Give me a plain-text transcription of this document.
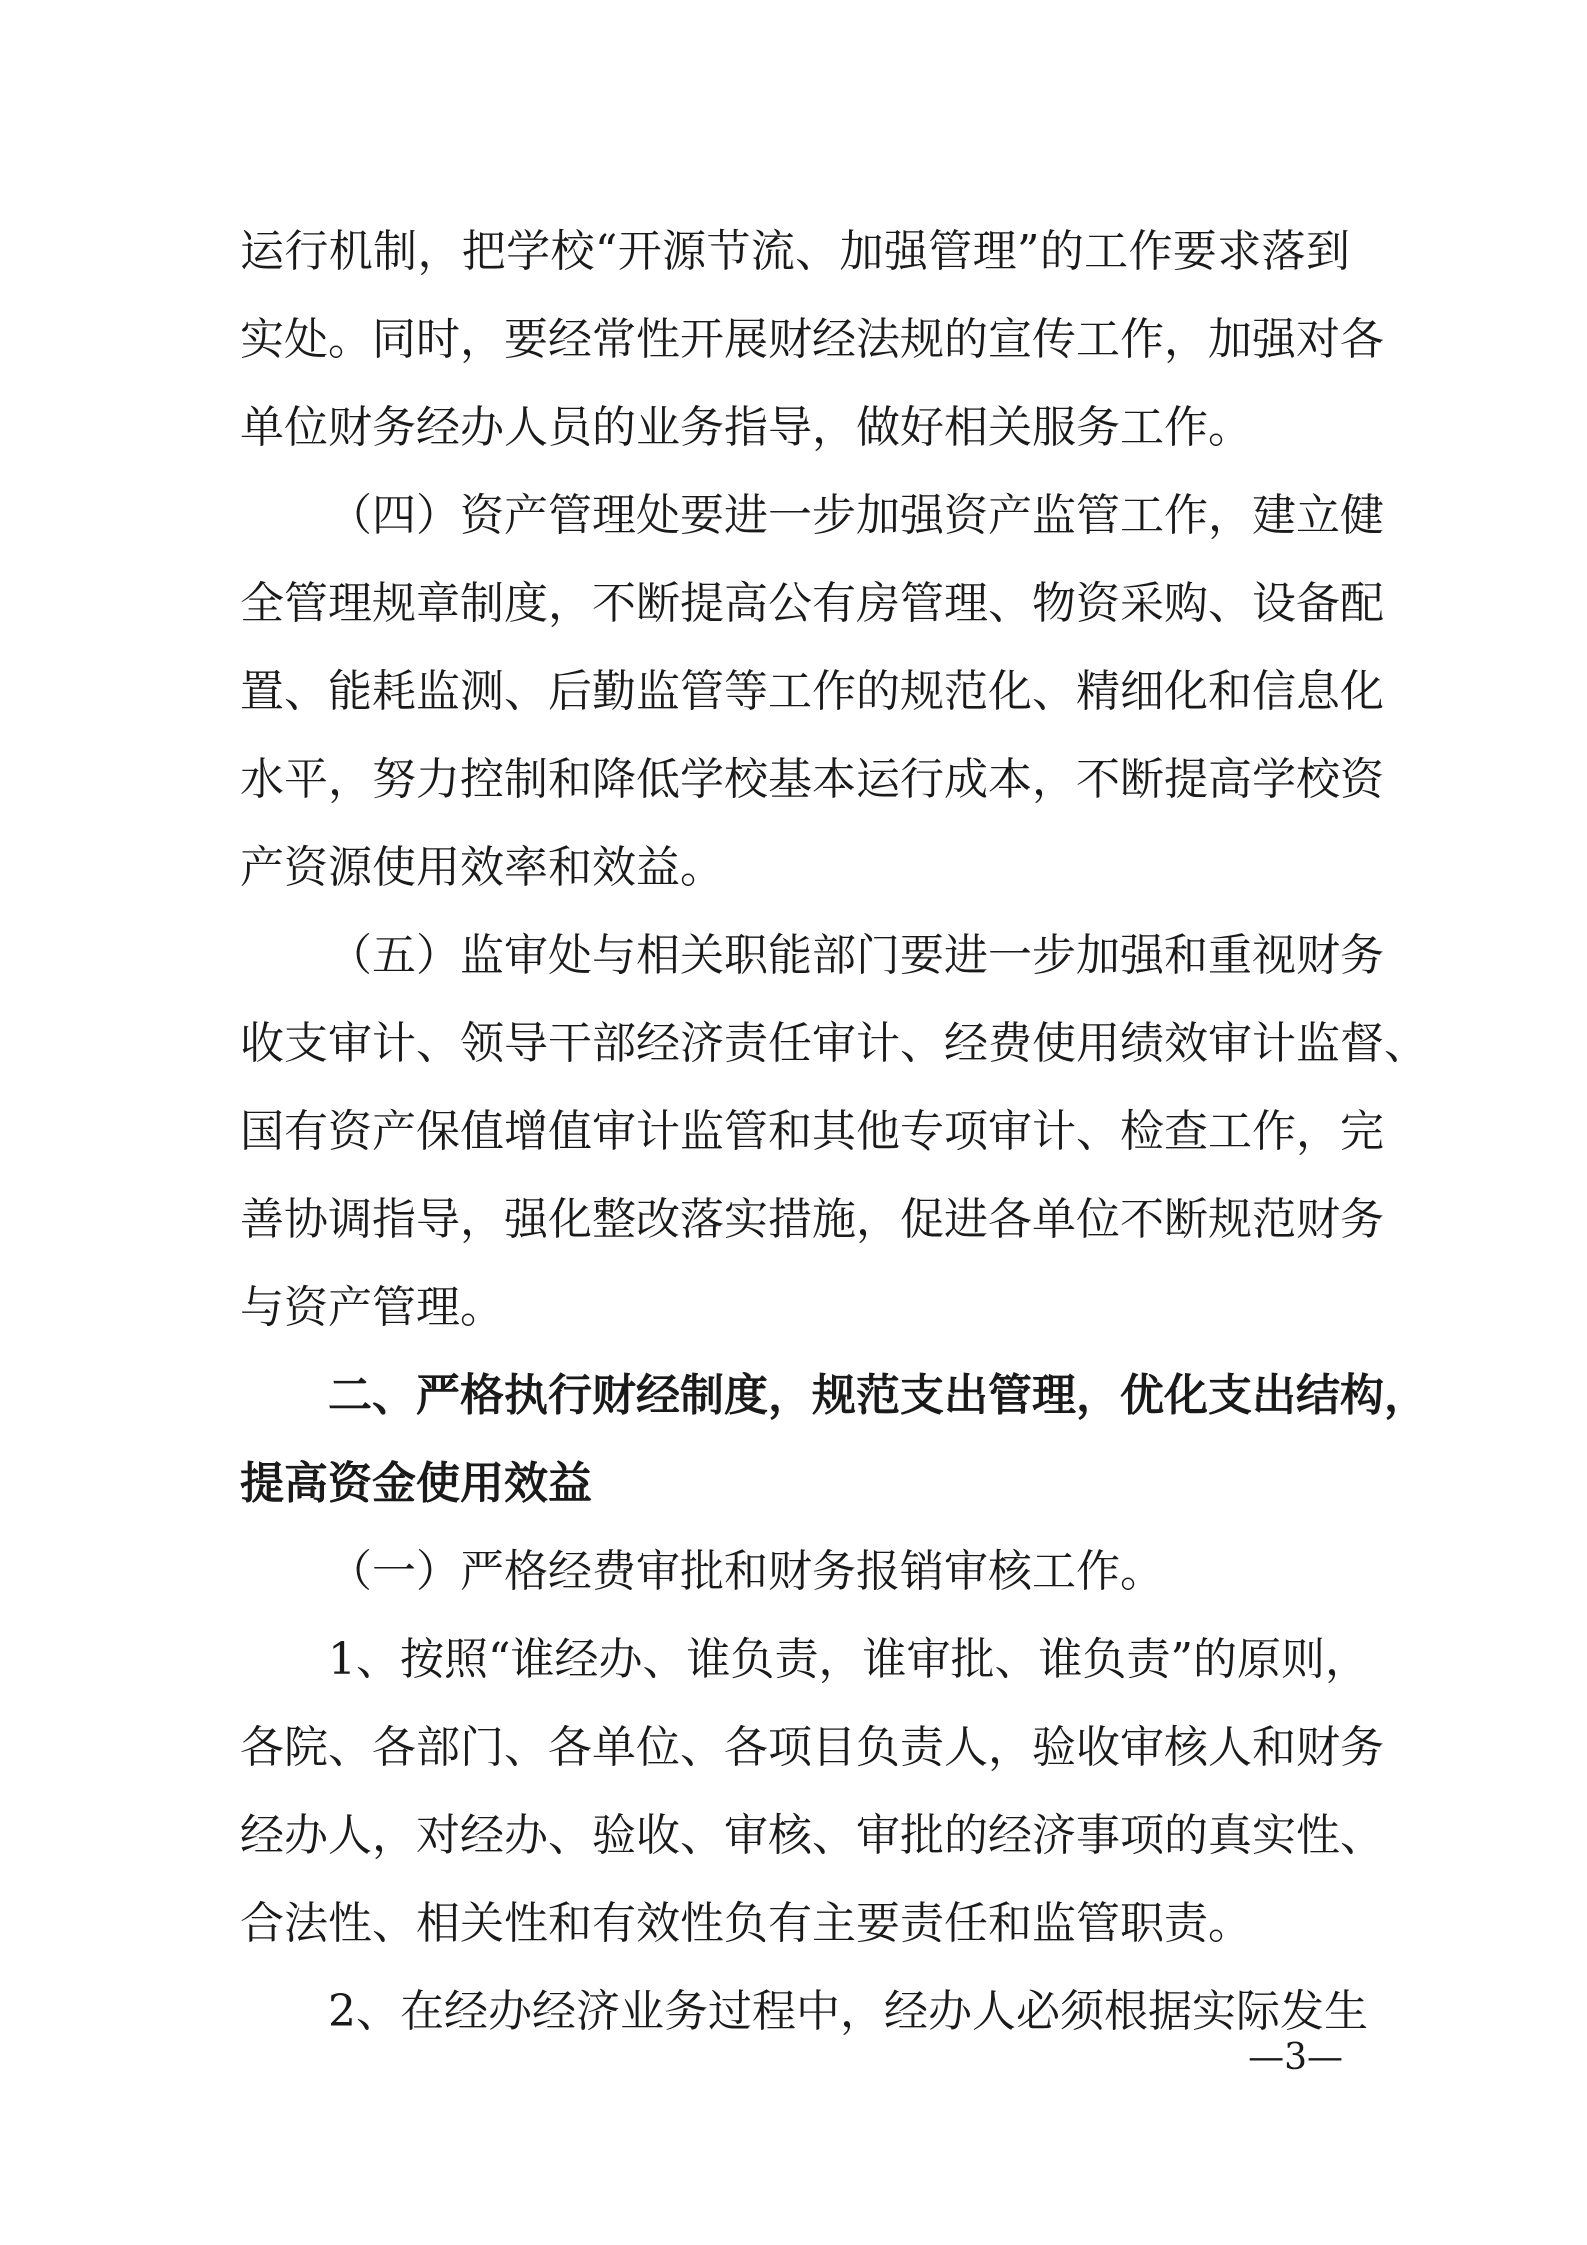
运行机制，把学校“开源节流、加强管理”的工作要求落到
实处。同时，要经常性开展财经法规的宣传工作，加强对各
单位财务经办人员的业务指导，做好相关服务工作。
（四）资产管理处要进一步加强资产监管工作，建立健
全管理规章制度，不断提高公有房管理、物资采购、设备配
置、能耗监测、后勤监管等工作的规范化、精细化和信息化
水平，努力控制和降低学校基本运行成本，不断提高学校资
产资源使用效率和效益。
（五）监审处与相关职能部门要进一步加强和重视财务
收支审计、领导干部经济责任审计、经费使用绩效审计监督、
国有资产保值增值审计监管和其他专项审计、检查工作，完
善协调指导，强化整改落实措施，促进各单位不断规范财务
与资产管理。
二、严格执行财经制度，规范支出管理，优化支出结构，
提高资金使用效益
（一）严格经费审批和财务报销审核工作。
1、按照“谁经办、谁负责，谁审批、谁负责”的原则，
各院、各部门、各单位、各项目负责人，验收审核人和财务
经办人，对经办、验收、审核、审批的经济事项的真实性、
合法性、相关性和有效性负有主要责任和监管职责。
2、在经办经济业务过程中，经办人必须根据实际发生
—3—
